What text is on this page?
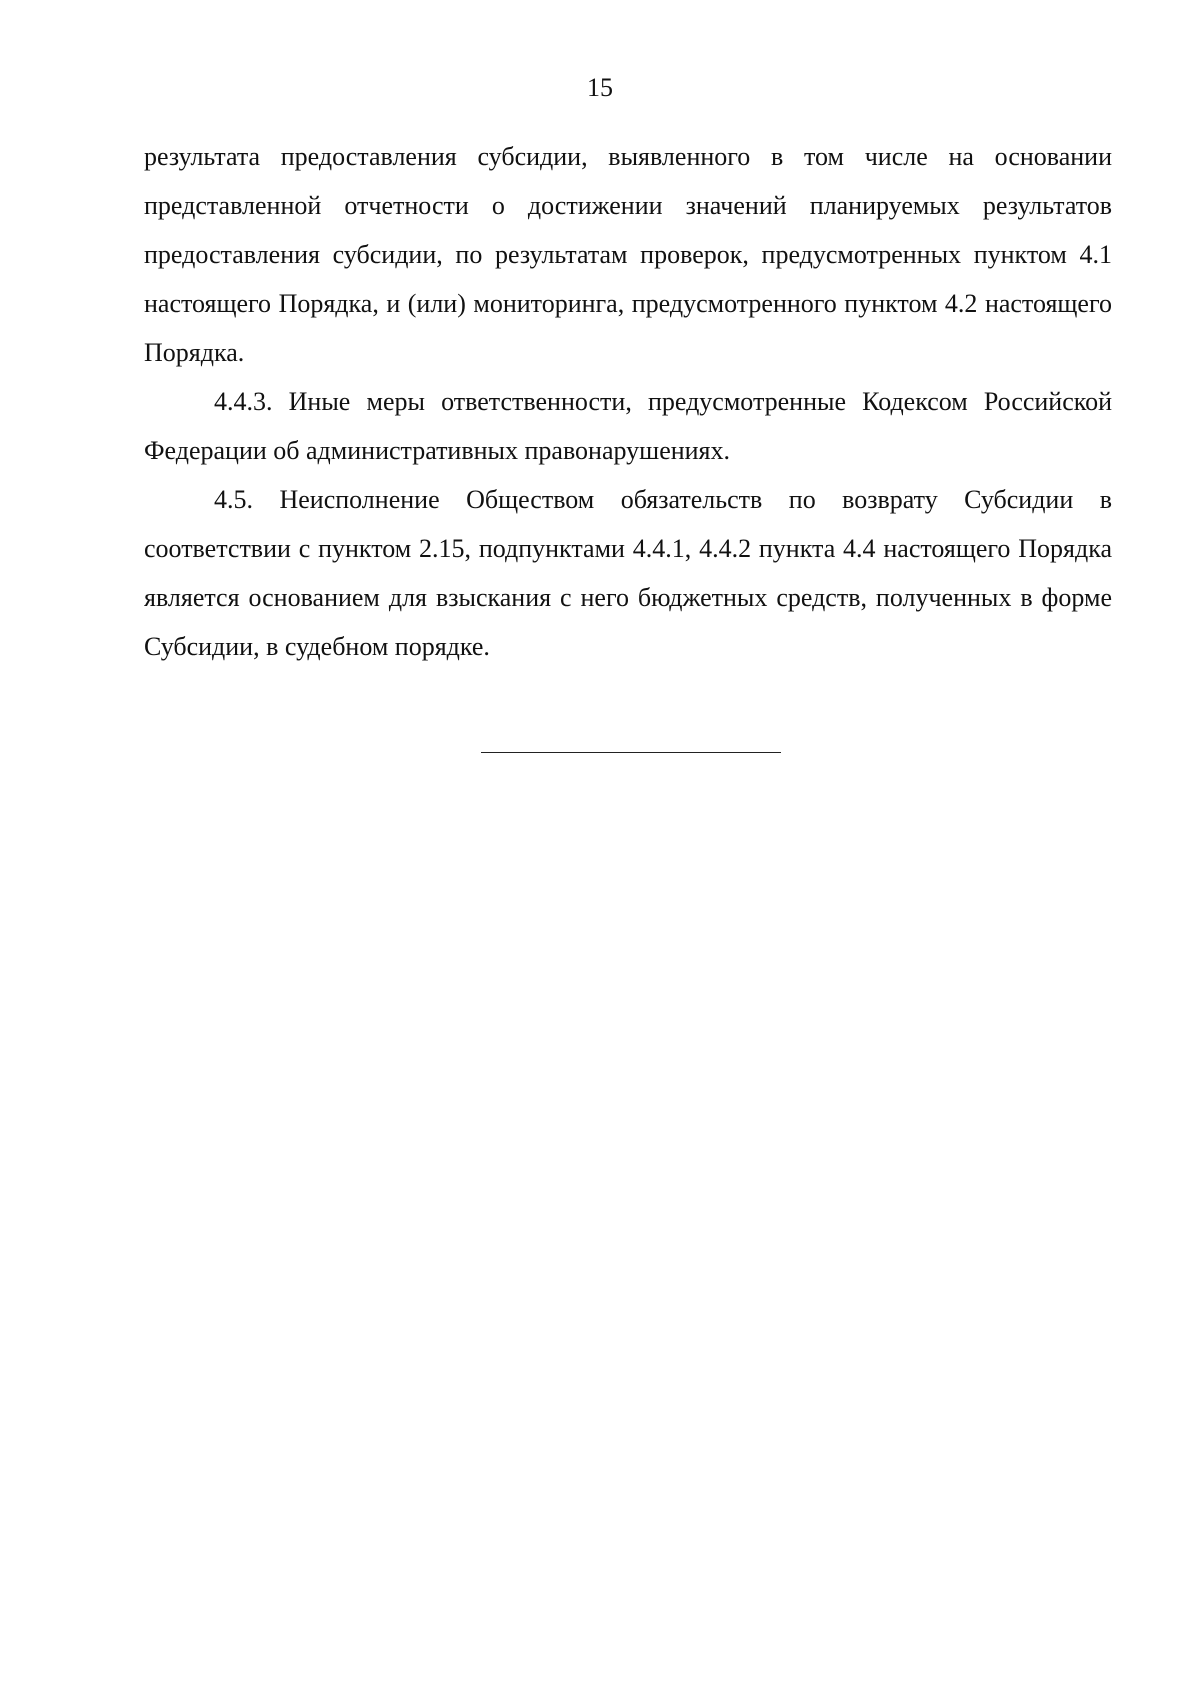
15

результата предоставления субсидии, выявленного в том числе на основании представленной отчетности о достижении значений планируемых результатов предоставления субсидии, по результатам проверок, предусмотренных пунктом 4.1 настоящего Порядка, и (или) мониторинга, предусмотренного пунктом 4.2 настоящего Порядка.

4.4.3. Иные меры ответственности, предусмотренные Кодексом Российской Федерации об административных правонарушениях.

4.5. Неисполнение Обществом обязательств по возврату Субсидии в соответствии с пунктом 2.15, подпунктами 4.4.1, 4.4.2 пункта 4.4 настоящего Порядка является основанием для взыскания с него бюджетных средств, полученных в форме Субсидии, в судебном порядке.
